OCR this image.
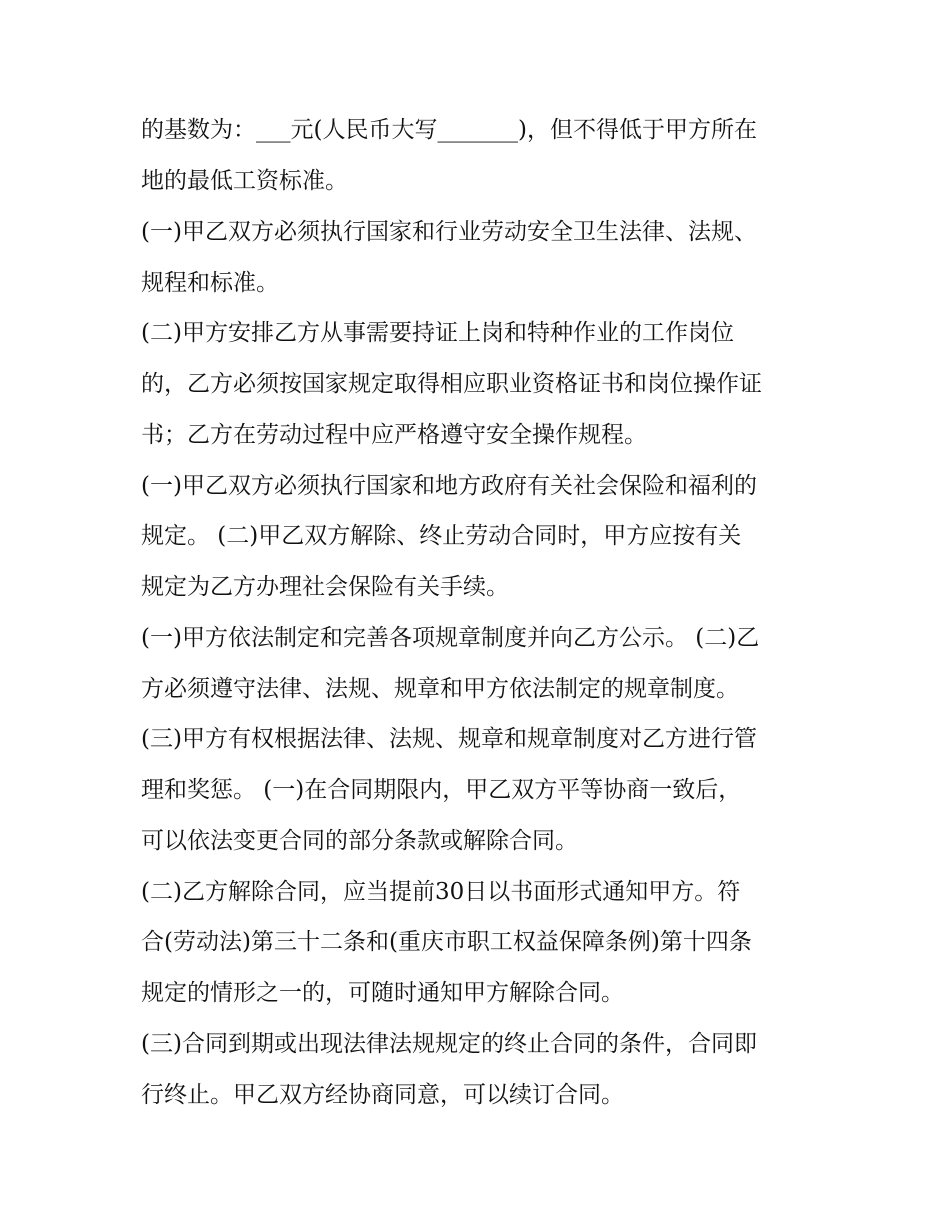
的基数为：___元(人民币大写_______)，但不得低于甲方所在

地的最低工资标准。

(一)甲乙双方必须执行国家和行业劳动安全卫生法律、法规、

规程和标准。

(二)甲方安排乙方从事需要持证上岗和特种作业的工作岗位

的，乙方必须按国家规定取得相应职业资格证书和岗位操作证

书；乙方在劳动过程中应严格遵守安全操作规程。

(一)甲乙双方必须执行国家和地方政府有关社会保险和福利的

规定。 (二)甲乙双方解除、终止劳动合同时，甲方应按有关

规定为乙方办理社会保险有关手续。

(一)甲方依法制定和完善各项规章制度并向乙方公示。 (二)乙

方必须遵守法律、法规、规章和甲方依法制定的规章制度。

(三)甲方有权根据法律、法规、规章和规章制度对乙方进行管

理和奖惩。 (一)在合同期限内，甲乙双方平等协商一致后，

可以依法变更合同的部分条款或解除合同。

(二)乙方解除合同，应当提前30日以书面形式通知甲方。符

合(劳动法)第三十二条和(重庆市职工权益保障条例)第十四条

规定的情形之一的，可随时通知甲方解除合同。

(三)合同到期或出现法律法规规定的终止合同的条件，合同即

行终止。甲乙双方经协商同意，可以续订合同。
